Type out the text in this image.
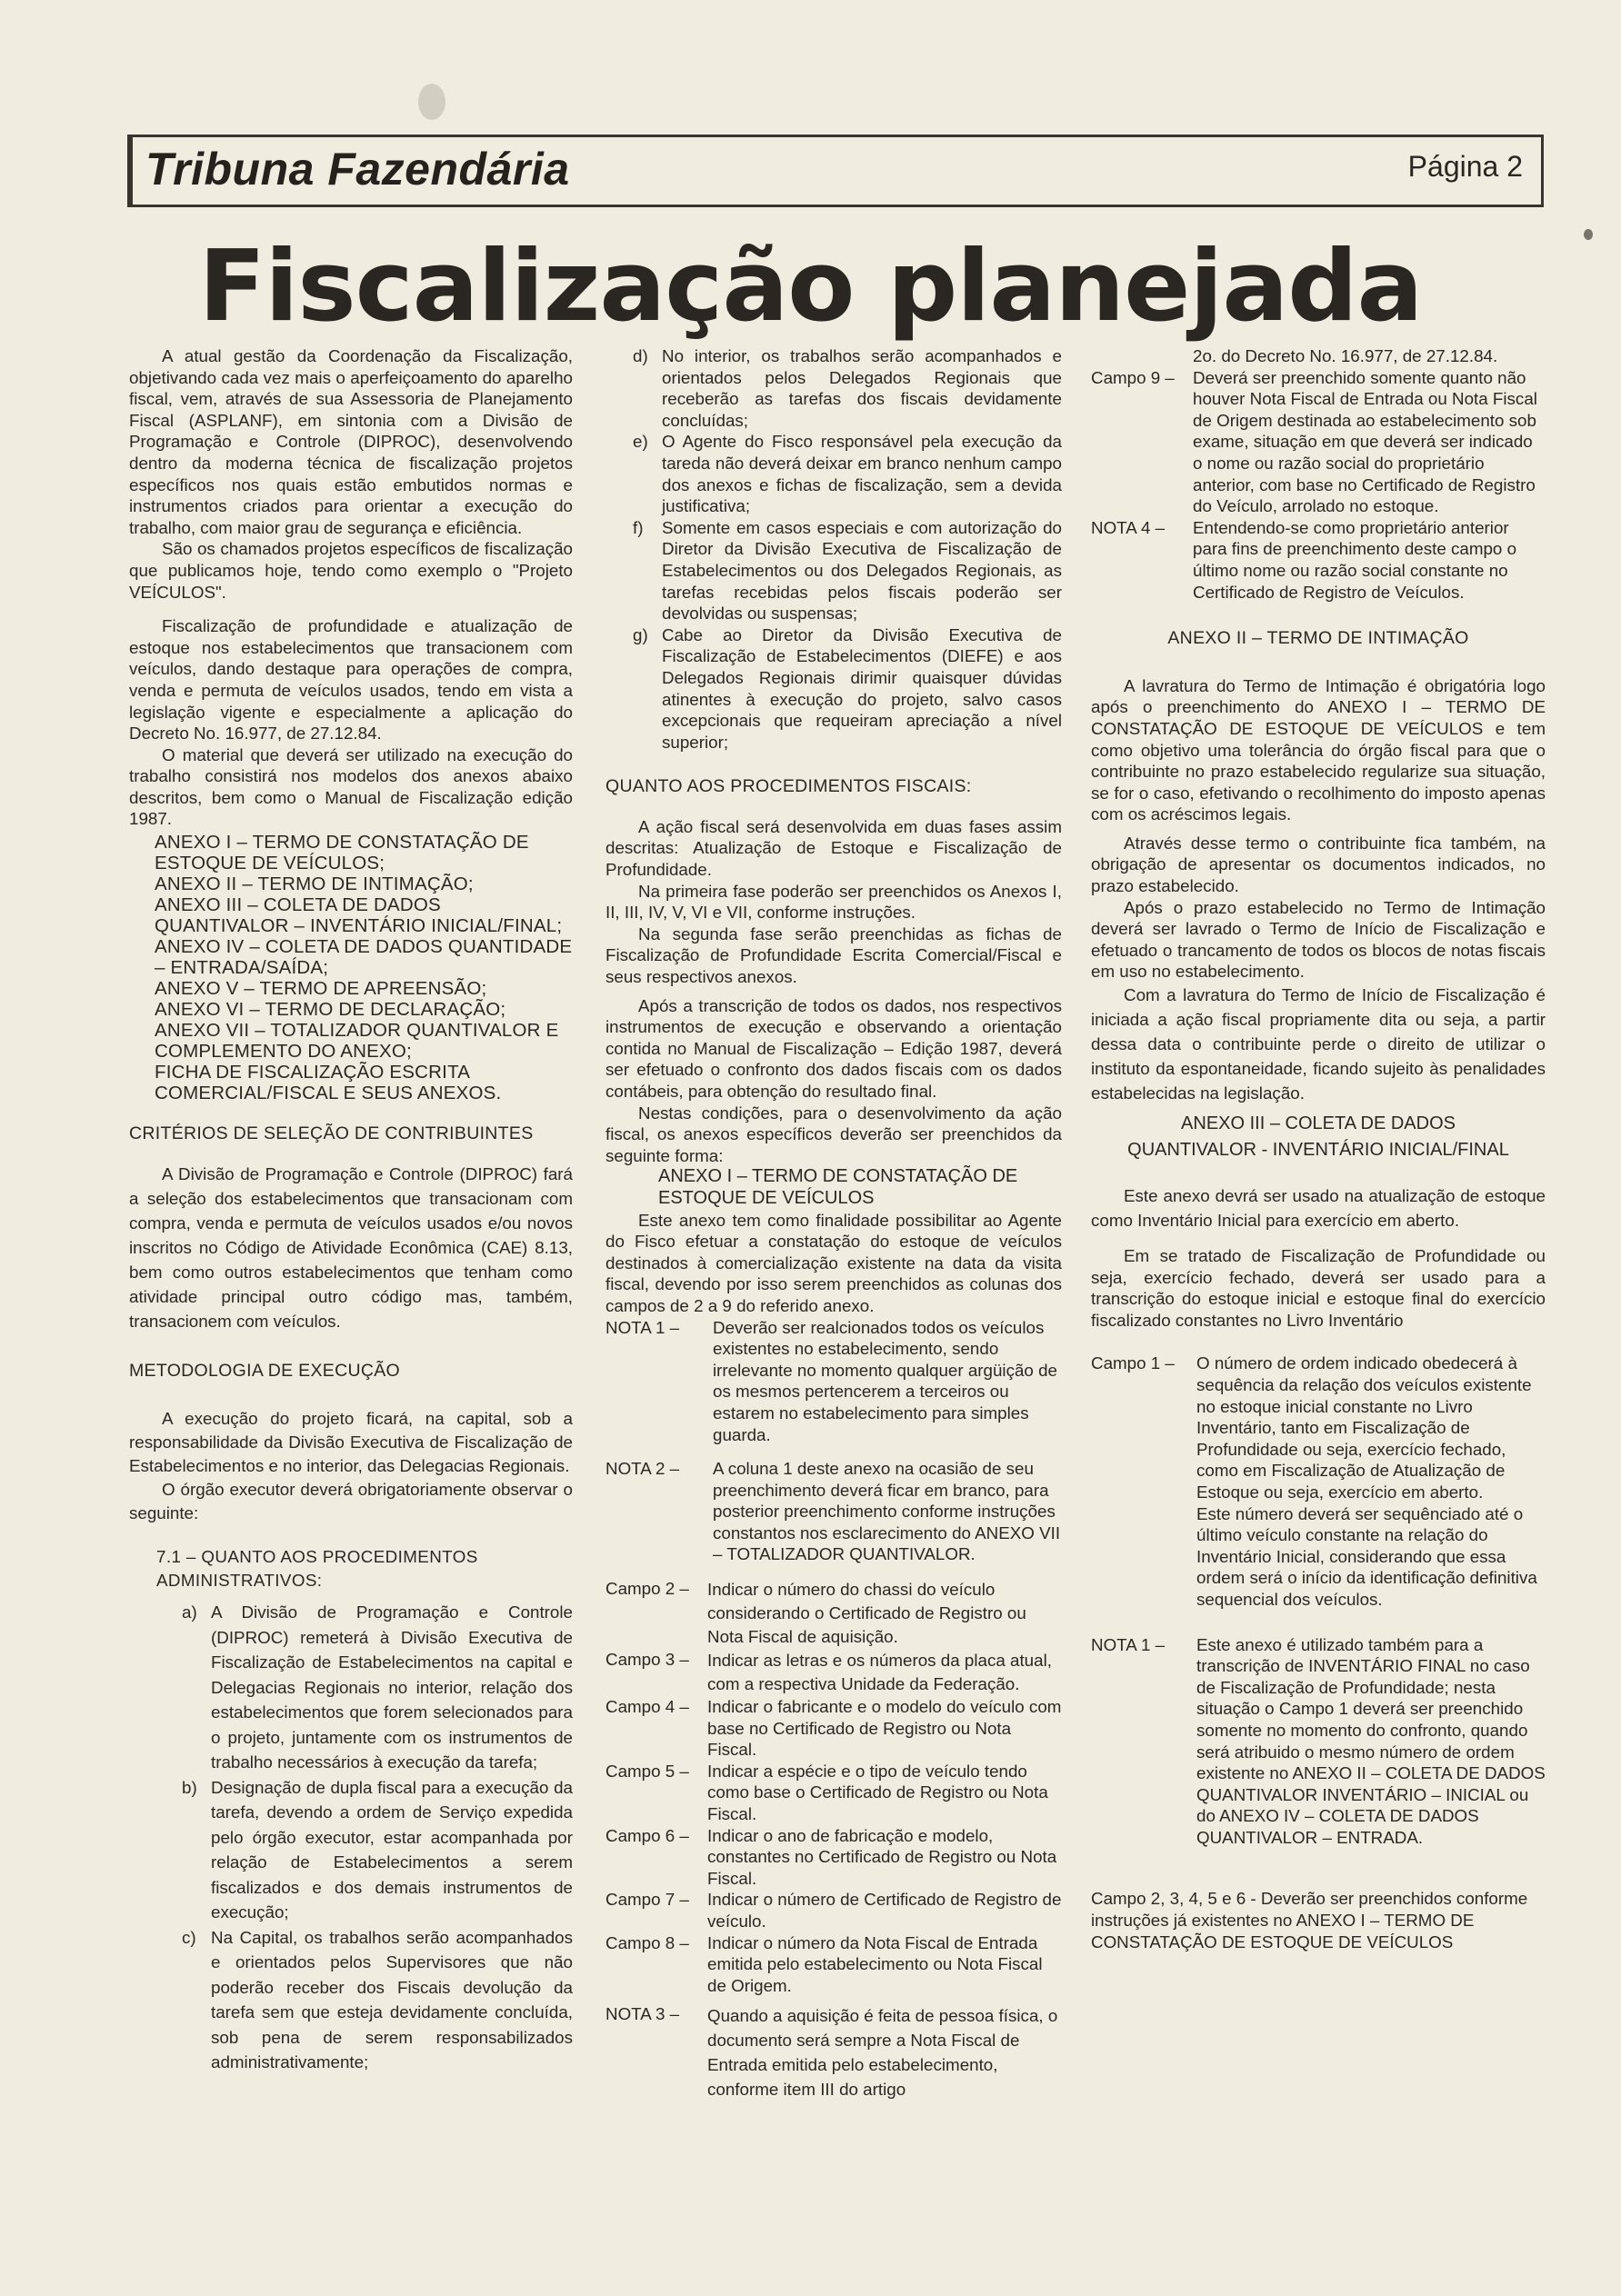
Tribuna Fazendária	Página 2
Fiscalização planejada

A atual gestão da Coordenação da Fiscalização, objetivando cada vez mais o aperfeiçoamento do aparelho fiscal, vem, através de sua Assessoria de Planejamento Fiscal (ASPLANF), em sintonia com a Divisão de Programação e Controle (DIPROC), desenvolvendo dentro da moderna técnica de fiscalização projetos específicos nos quais estão embutidos normas e instrumentos criados para orientar a execução do trabalho, com maior grau de segurança e eficiência.

São os chamados projetos específicos de fiscalização que publicamos hoje, tendo como exemplo o "Projeto VEÍCULOS".

Fiscalização de profundidade e atualização de estoque nos estabelecimentos que transacionem com veículos, dando destaque para operações de compra, venda e permuta de veículos usados, tendo em vista a legislação vigente e especialmente a aplicação do Decreto No. 16.977, de 27.12.84.

O material que deverá ser utilizado na execução do trabalho consistirá nos modelos dos anexos abaixo descritos, bem como o Manual de Fiscalização edição 1987.

ANEXO I – TERMO DE CONSTATAÇÃO DE ESTOQUE DE VEÍCULOS;
ANEXO II – TERMO DE INTIMAÇÃO;
ANEXO III – COLETA DE DADOS QUANTIVALOR – INVENTÁRIO INICIAL/FINAL;
ANEXO IV – COLETA DE DADOS QUANTIDADE – ENTRADA/SAÍDA;
ANEXO V – TERMO DE APREENSÃO;
ANEXO VI – TERMO DE DECLARAÇÃO;
ANEXO VII – TOTALIZADOR QUANTIVALOR E COMPLEMENTO DO ANEXO;
FICHA DE FISCALIZAÇÃO ESCRITA COMERCIAL/FISCAL E SEUS ANEXOS.
CRITÉRIOS DE SELEÇÃO DE CONTRIBUINTES

A Divisão de Programação e Controle (DIPROC) fará a seleção dos estabelecimentos que transacionam com compra, venda e permuta de veículos usados e/ou novos inscritos no Código de Atividade Econômica (CAE) 8.13, bem como outros estabelecimentos que tenham como atividade principal outro código mas, também, transacionem com veículos.

METODOLOGIA DE EXECUÇÃO

A execução do projeto ficará, na capital, sob a responsabilidade da Divisão Executiva de Fiscalização de Estabelecimentos e no interior, das Delegacias Regionais.

O órgão executor deverá obrigatoriamente observar o seguinte:

7.1 – QUANTO AOS PROCEDIMENTOS ADMINISTRATIVOS:
a) A Divisão de Programação e Controle (DIPROC) remeterá à Divisão Executiva de Fiscalização de Estabelecimentos na capital e Delegacias Regionais no interior, relação dos estabelecimentos que forem selecionados para o projeto, juntamente com os instrumentos de trabalho necessários à execução da tarefa;
b) Designação de dupla fiscal para a execução da tarefa, devendo a ordem de Serviço expedida pelo órgão executor, estar acompanhada por relação de Estabelecimentos a serem fiscalizados e dos demais instrumentos de execução;
c) Na Capital, os trabalhos serão acompanhados e orientados pelos Supervisores que não poderão receber dos Fiscais devolução da tarefa sem que esteja devidamente concluída, sob pena de serem responsabilizados administrativamente;
d) No interior, os trabalhos serão acompanhados e orientados pelos Delegados Regionais que receberão as tarefas dos fiscais devidamente concluídas;
e) O Agente do Fisco responsável pela execução da tareda não deverá deixar em branco nenhum campo dos anexos e fichas de fiscalização, sem a devida justificativa;
f)	Somente em casos especiais e com autorização do Diretor da Divisão Executiva de Fiscalização de Estabelecimentos ou dos Delegados Regionais, as tarefas recebidas pelos fiscais poderão ser devolvidas ou suspensas;
g) Cabe ao Diretor da Divisão Executiva de Fiscalização de Estabelecimentos (DIEFE) e aos Delegados Regionais dirimir quaisquer dúvidas atinentes à execução do projeto, salvo casos excepcionais que requeiram apreciação a nível superior;
QUANTO AOS PROCEDIMENTOS FISCAIS:

A ação fiscal será desenvolvida em duas fases assim descritas: Atualização de Estoque e Fiscalização de Profundidade.

Na primeira fase poderão ser preenchidos os Anexos I, II, III, IV, V, VI e VII, conforme instruções.

Na segunda fase serão preenchidas as fichas de Fiscalização de Profundidade Escrita Comercial/Fiscal e seus respectivos anexos.

Após a transcrição de todos os dados, nos respectivos instrumentos de execução e observando a orientação contida no Manual de Fiscalização – Edição 1987, deverá ser efetuado o confronto dos dados fiscais com os dados contábeis, para obtenção do resultado final.

Nestas condições, para o desenvolvimento da ação fiscal, os anexos específicos deverão ser preenchidos da seguinte forma:

ANEXO I – TERMO DE CONSTATAÇÃO DE ESTOQUE DE VEÍCULOS

Este anexo tem como finalidade possibilitar ao Agente do Fisco efetuar a constatação do estoque de veículos destinados à comercialização existente na data da visita fiscal, devendo por isso serem preenchidos as colunas dos campos de 2 a 9 do referido anexo.

NOTA 1 –	Deverão ser realcionados todos os veículos existentes no estabelecimento, sendo irrelevante no momento qualquer argüição de os mesmos pertencerem a terceiros ou estarem no estabelecimento para simples guarda.
NOTA 2 –	A coluna 1 deste anexo na ocasião de seu preenchimento deverá ficar em branco, para posterior preenchimento conforme instruções constantos nos esclarecimento do ANEXO VII – TOTALIZADOR QUANTIVALOR.
Campo 2 –	Indicar o número do chassi do veículo considerando o Certificado de Registro ou Nota Fiscal de aquisição.
Campo 3 –	Indicar as letras e os números da placa atual, com a respectiva Unidade da Federação.
Campo 4 –	Indicar o fabricante e o modelo do veículo com base no Certificado de Registro ou Nota Fiscal.
Campo 5 –	Indicar a espécie e o tipo de veículo tendo como base o Certificado de Registro ou Nota Fiscal.
Campo 6 –	Indicar o ano de fabricação e modelo, constantes no Certificado de Registro ou Nota Fiscal.
Campo 7 –	Indicar o número de Certificado de Registro de veículo.
Campo 8 –	Indicar o número da Nota Fiscal de Entrada emitida pelo estabelecimento ou Nota Fiscal de Origem.
NOTA 3 –	Quando a aquisição é feita de pessoa física, o documento será sempre a Nota Fiscal de Entrada emitida pelo estabelecimento, conforme item III do artigo
2o. do Decreto No. 16.977, de 27.12.84.
Campo 9 –	Deverá ser preenchido somente quanto não houver Nota Fiscal de Entrada ou Nota Fiscal de Origem destinada ao estabelecimento sob exame, situação em que deverá ser indicado o nome ou razão social do proprietário anterior, com base no Certificado de Registro do Veículo, arrolado no estoque.
NOTA 4 –	Entendendo-se como proprietário anterior para fins de preenchimento deste campo o último nome ou razão social constante no Certificado de Registro de Veículos.
ANEXO II – TERMO DE INTIMAÇÃO

A lavratura do Termo de Intimação é obrigatória logo após o preenchimento do ANEXO I – TERMO DE CONSTATAÇÃO DE ESTOQUE DE VEÍCULOS e tem como objetivo uma tolerância do órgão fiscal para que o contribuinte no prazo estabelecido regularize sua situação, se for o caso, efetivando o recolhimento do imposto apenas com os acréscimos legais.

Através desse termo o contribuinte fica também, na obrigação de apresentar os documentos indicados, no prazo estabelecido.

Após o prazo estabelecido no Termo de Intimação deverá ser lavrado o Termo de Início de Fiscalização e efetuado o trancamento de todos os blocos de notas fiscais em uso no estabelecimento.

Com a lavratura do Termo de Início de Fiscalização é iniciada a ação fiscal propriamente dita ou seja, a partir dessa data o contribuinte perde o direito de utilizar o instituto da espontaneidade, ficando sujeito às penalidades estabelecidas na legislação.

ANEXO III – COLETA DE DADOS QUANTIVALOR - INVENTÁRIO INICIAL/FINAL

Este anexo devrá ser usado na atualização de estoque como Inventário Inicial para exercício em aberto.

Em se tratado de Fiscalização de Profundidade ou seja, exercício fechado, deverá ser usado para a transcrição do estoque inicial e estoque final do exercício fiscalizado constantes no Livro Inventário

Campo 1 –	O número de ordem indicado obedecerá à sequência da relação dos veículos existente no estoque inicial constante no Livro Inventário, tanto em Fiscalização de Profundidade ou seja, exercício fechado, como em Fiscalização de Atualização de Estoque ou seja, exercício em aberto.
Este número deverá ser sequênciado até o último veículo constante na relação do Inventário Inicial, considerando que essa ordem será o início da identificação definitiva sequencial dos veículos.
NOTA 1 –	Este anexo é utilizado também para a transcrição de INVENTÁRIO FINAL no caso de Fiscalização de Profundidade; nesta situação o Campo 1 deverá ser preenchido somente no momento do confronto, quando será atribuido o mesmo número de ordem existente no ANEXO II – COLETA DE DADOS QUANTIVALOR INVENTÁRIO – INICIAL ou do ANEXO IV – COLETA DE DADOS QUANTIVALOR – ENTRADA.
Campo 2, 3, 4, 5 e 6 - Deverão ser preenchidos conforme instruções já existentes no ANEXO I – TERMO DE CONSTATAÇÃO DE ESTOQUE DE VEÍCULOS
